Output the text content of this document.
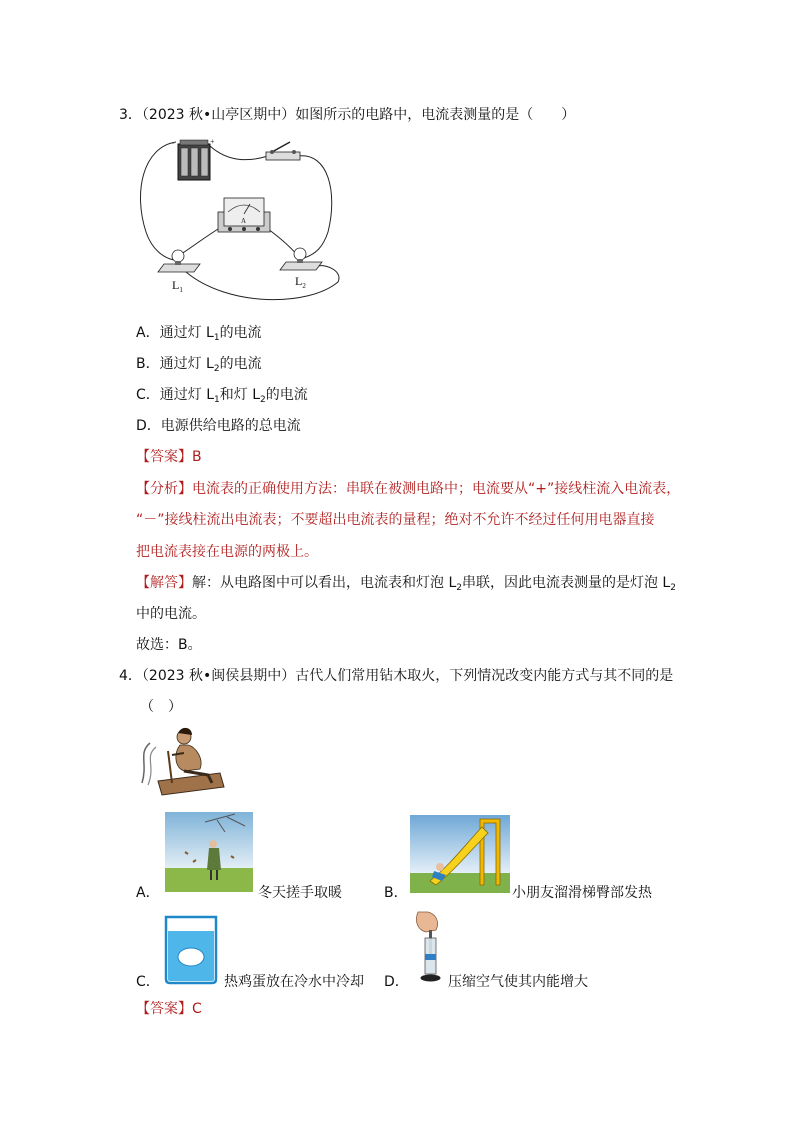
3．（2023 秋•山亭区期中）如图所示的电路中，电流表测量的是（　　）
−	+
A
$L_1$
$L_2$
A．通过灯 $L_1$的电流
B．通过灯 $L_2$的电流
C．通过灯 $L_1$和灯 $L_2$的电流
D．电源供给电路的总电流
【答案】B
【分析】电流表的正确使用方法：串联在被测电路中；电流要从“+”接线柱流入电流表，
“－”接线柱流出电流表；不要超出电流表的量程；绝对不允许不经过任何用电器直接
把电流表接在电源的两极上。
【解答】解：从电路图中可以看出，电流表和灯泡 $L_2$串联，因此电流表测量的是灯泡 $L_2$
中的电流。
故选：B。
4．（2023 秋•闽侯县期中）古代人们常用钻木取火，下列情况改变内能方式与其不同的是
（　）
A．	冬天搓手取暖	B．	小朋友溜滑梯臀部发热
C．	热鸡蛋放在冷水中冷却 D．	压缩空气使其内能增大
【答案】C
